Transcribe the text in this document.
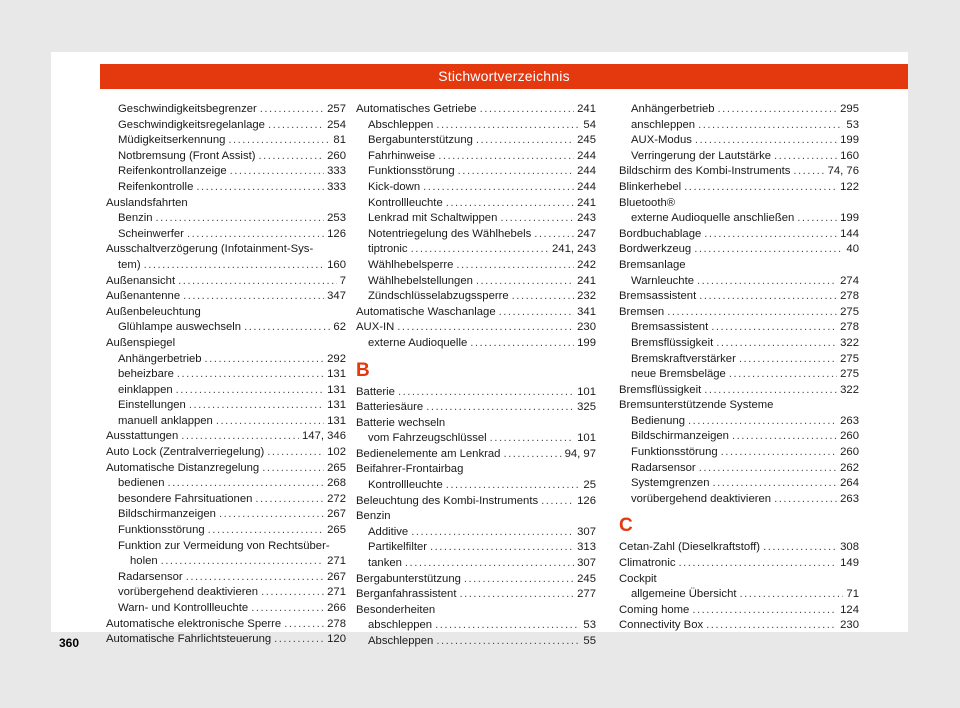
Stichwortverzeichnis
Geschwindigkeitsbegrenzer .....	257
Geschwindigkeitsregelanlage .....	254
Müdigkeitserkennung .....	81
Notbremsung (Front Assist) .....	260
Reifenkontrollanzeige .....	333
Reifenkontrolle .....	333
Auslandsfahrten
Benzin .....	253
Scheinwerfer .....	126
Ausschaltverzögerung (Infotainment-Sys-
tem) .....	160
Außenansicht .....	7
Außenantenne .....	347
Außenbeleuchtung
Glühlampe auswechseln .....	62
Außenspiegel
Anhängerbetrieb .....	292
beheizbare .....	131
einklappen .....	131
Einstellungen .....	131
manuell anklappen .....	131
Ausstattungen .....	147, 346
Auto Lock (Zentralverriegelung) .....	102
Automatische Distanzregelung .....	265
bedienen .....	268
besondere Fahrsituationen .....	272
Bildschirmanzeigen .....	267
Funktionsstörung .....	265
Funktion zur Vermeidung von Rechtsüber-
holen .....	271
Radarsensor .....	267
vorübergehend deaktivieren .....	271
Warn- und Kontrollleuchte .....	266
Automatische elektronische Sperre .....	278
Automatische Fahrlichtsteuerung .....	120
Automatisches Getriebe .....	241
Abschleppen .....	54
Bergabunterstützung .....	245
Fahrhinweise .....	244
Funktionsstörung .....	244
Kick-down .....	244
Kontrollleuchte .....	241
Lenkrad mit Schaltwippen .....	243
Notentriegelung des Wählhebels .....	247
tiptronic .....	241, 243
Wählhebelsperre .....	242
Wählhebelstellungen .....	241
Zündschlüsselabzugssperre .....	232
Automatische Waschanlage .....	341
AUX-IN .....	230
externe Audioquelle .....	199
B
Batterie .....	101
Batteriesäure .....	325
Batterie wechseln
vom Fahrzeugschlüssel .....	101
Bedienelemente am Lenkrad .....	94, 97
Beifahrer-Frontairbag
Kontrollleuchte .....	25
Beleuchtung des Kombi-Instruments .....	126
Benzin
Additive .....	307
Partikelfilter .....	313
tanken .....	307
Bergabunterstützung .....	245
Berganfahrassistent .....	277
Besonderheiten
abschleppen .....	53
Abschleppen .....	55
Anhängerbetrieb .....	295
anschleppen .....	53
AUX-Modus .....	199
Verringerung der Lautstärke .....	160
Bildschirm des Kombi-Instruments .....	74, 76
Blinkerhebel .....	122
Bluetooth®
externe Audioquelle anschließen .....	199
Bordbuchablage .....	144
Bordwerkzeug .....	40
Bremsanlage
Warnleuchte .....	274
Bremsassistent .....	278
Bremsen .....	275
Bremsassistent .....	278
Bremsflüssigkeit .....	322
Bremskraftverstärker .....	275
neue Bremsbeläge .....	275
Bremsflüssigkeit .....	322
Bremsunterstützende Systeme
Bedienung .....	263
Bildschirmanzeigen .....	260
Funktionsstörung .....	260
Radarsensor .....	262
Systemgrenzen .....	264
vorübergehend deaktivieren .....	263
C
Cetan-Zahl (Dieselkraftstoff) .....	308
Climatronic .....	149
Cockpit
allgemeine Übersicht .....	71
Coming home .....	124
Connectivity Box .....	230
360
